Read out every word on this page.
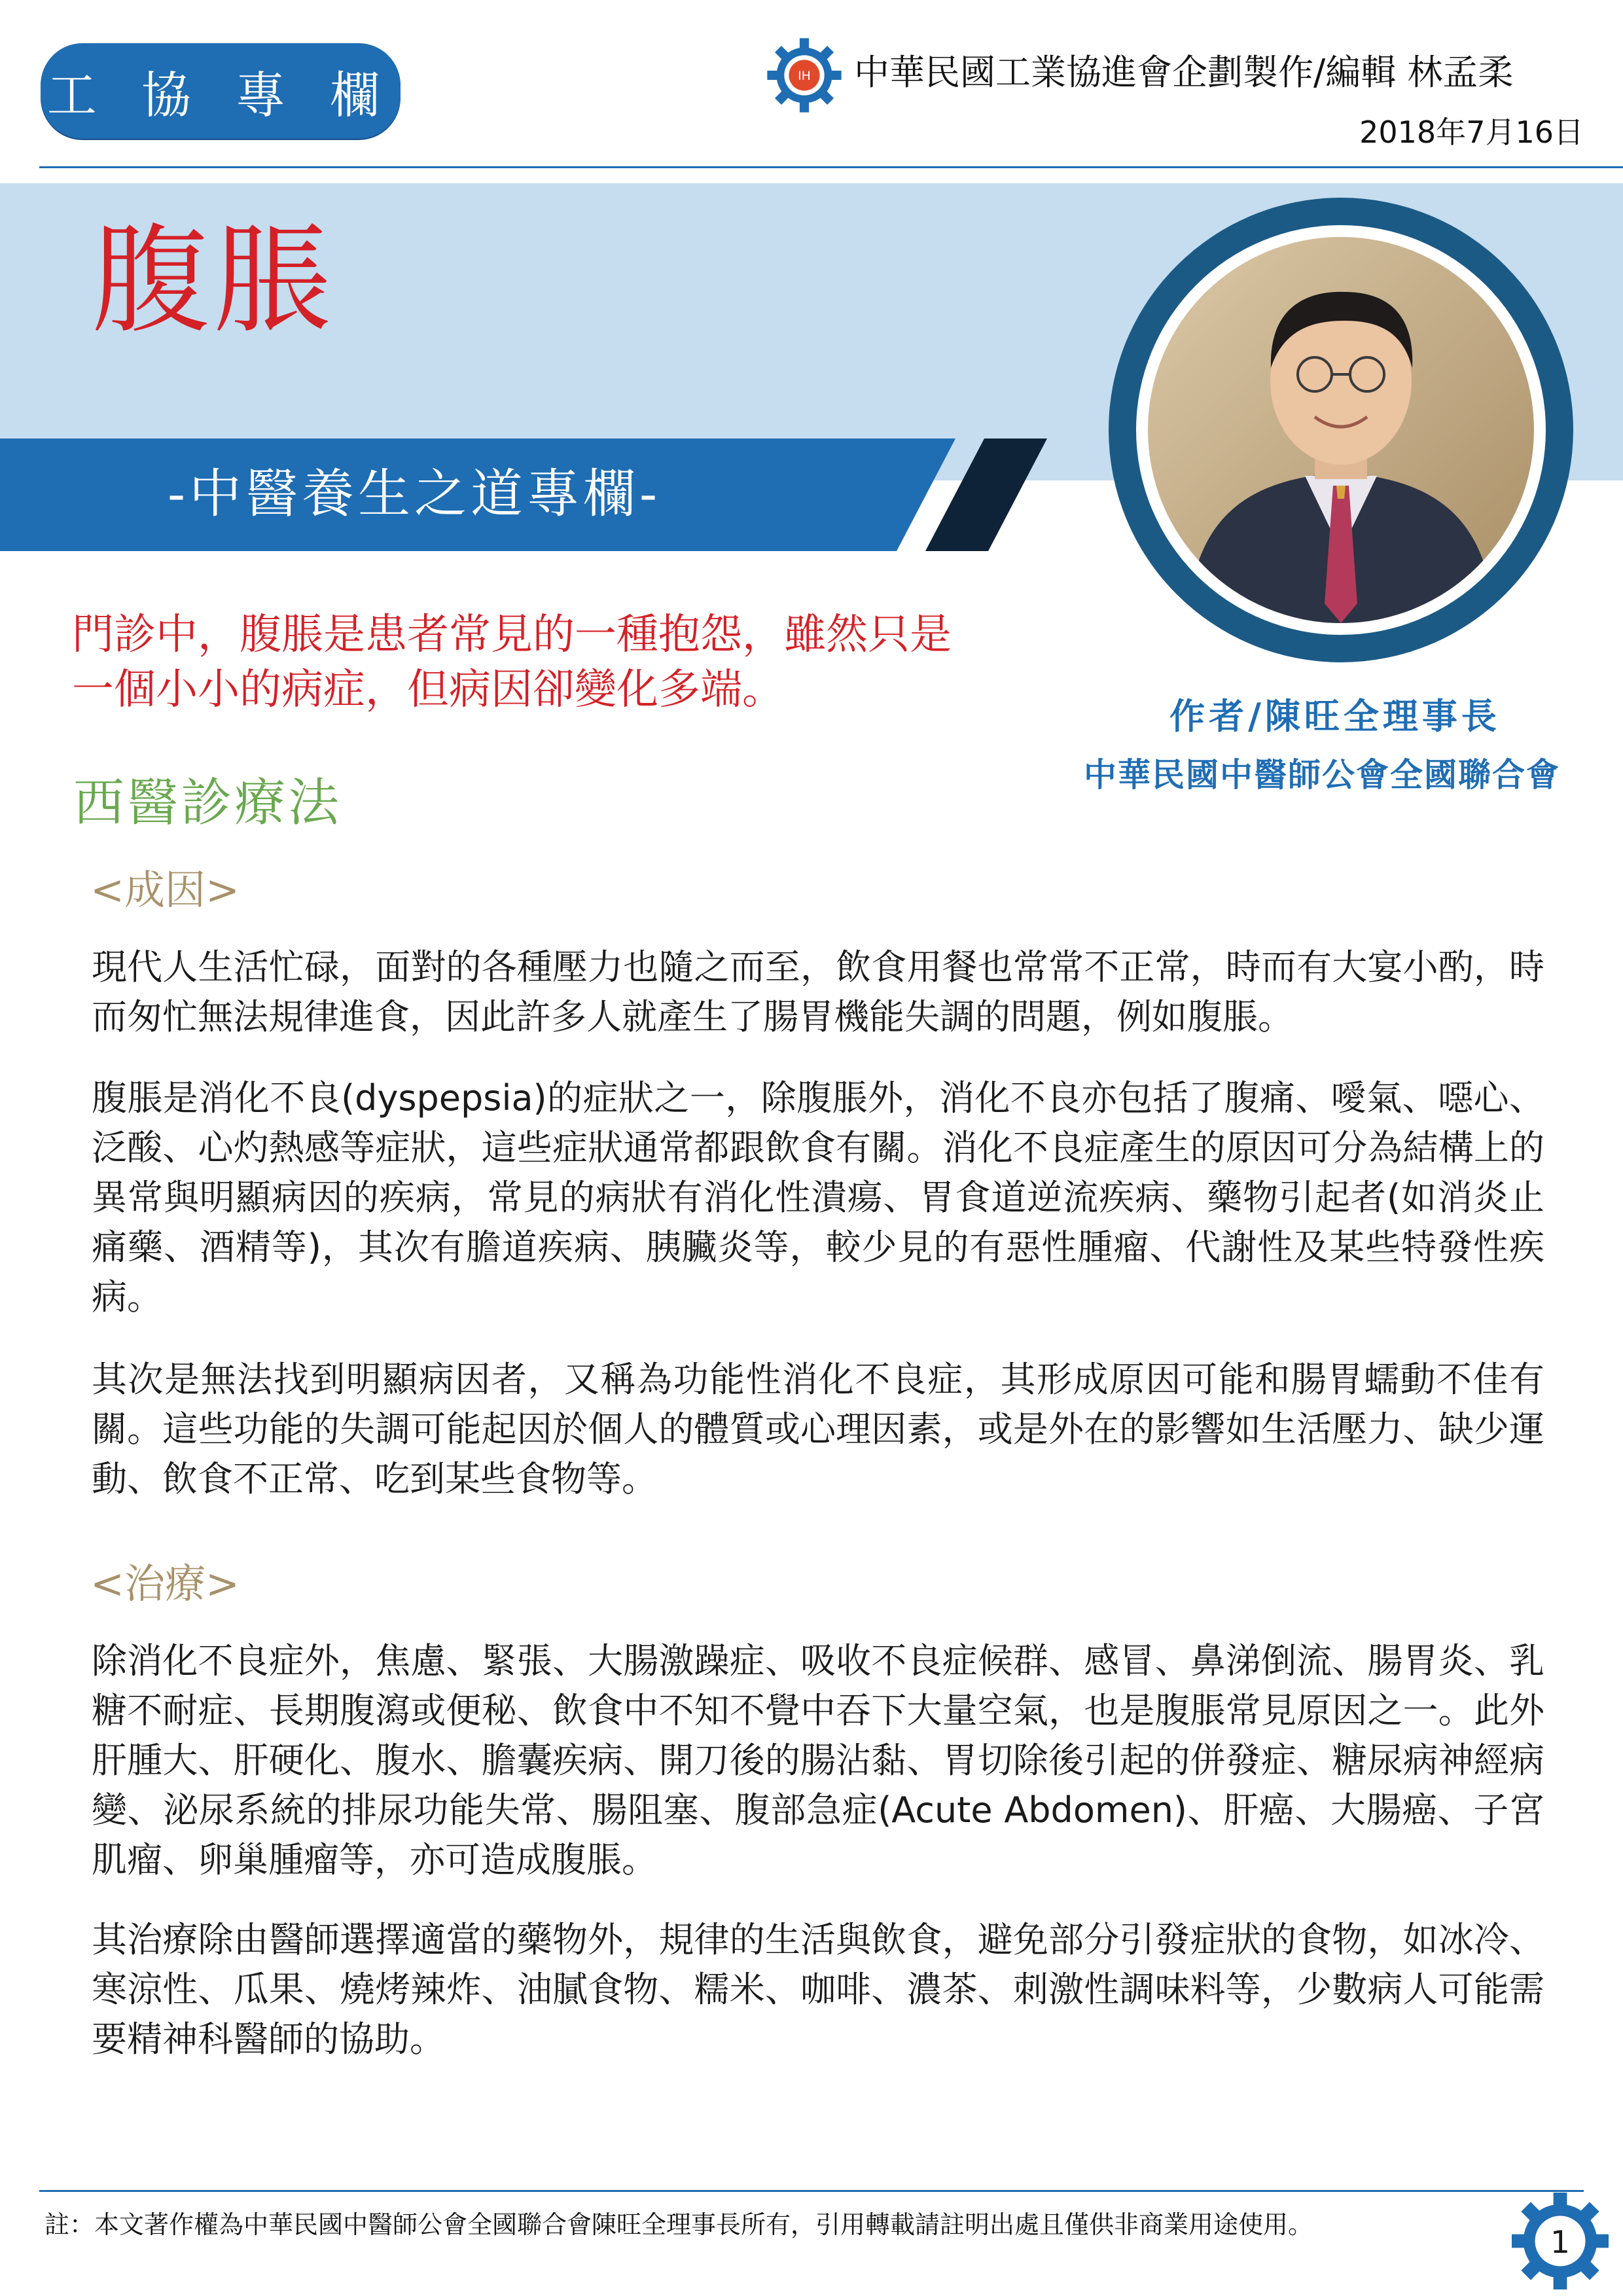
工 協 專 欄	IH 中華民國工業協進會企劃製作/編輯 林孟柔
2018年7月16日
腹脹
-中醫養生之道專欄-
門診中，腹脹是患者常見的一種抱怨，雖然只是
一個小小的病症，但病因卻變化多端。
作者/陳旺全理事長
中華民國中醫師公會全國聯合會
西醫診療法
<成因>
現代人生活忙碌，面對的各種壓力也隨之而至，飲食用餐也常常不正常，時而有大宴小酌，時而匆忙無法規律進食，因此許多人就產生了腸胃機能失調的問題，例如腹脹。
腹脹是消化不良(dyspepsia)的症狀之一，除腹脹外，消化不良亦包括了腹痛、噯氣、噁心、泛酸、心灼熱感等症狀，這些症狀通常都跟飲食有關。消化不良症產生的原因可分為結構上的異常與明顯病因的疾病，常見的病狀有消化性潰瘍、胃食道逆流疾病、藥物引起者(如消炎止痛藥、酒精等)，其次有膽道疾病、胰臟炎等，較少見的有惡性腫瘤、代謝性及某些特發性疾病。
其次是無法找到明顯病因者，又稱為功能性消化不良症，其形成原因可能和腸胃蠕動不佳有關。這些功能的失調可能起因於個人的體質或心理因素，或是外在的影響如生活壓力、缺少運動、飲食不正常、吃到某些食物等。
<治療>
除消化不良症外，焦慮、緊張、大腸激躁症、吸收不良症候群、感冒、鼻涕倒流、腸胃炎、乳糖不耐症、長期腹瀉或便秘、飲食中不知不覺中吞下大量空氣，也是腹脹常見原因之一。此外肝腫大、肝硬化、腹水、膽囊疾病、開刀後的腸沾黏、胃切除後引起的併發症、糖尿病神經病變、泌尿系統的排尿功能失常、腸阻塞、腹部急症(Acute Abdomen)、肝癌、大腸癌、子宮肌瘤、卵巢腫瘤等，亦可造成腹脹。
其治療除由醫師選擇適當的藥物外，規律的生活與飲食，避免部分引發症狀的食物，如冰冷、寒涼性、瓜果、燒烤辣炸、油膩食物、糯米、咖啡、濃茶、刺激性調味料等，少數病人可能需要精神科醫師的協助。
註：本文著作權為中華民國中醫師公會全國聯合會陳旺全理事長所有，引用轉載請註明出處且僅供非商業用途使用。	1
